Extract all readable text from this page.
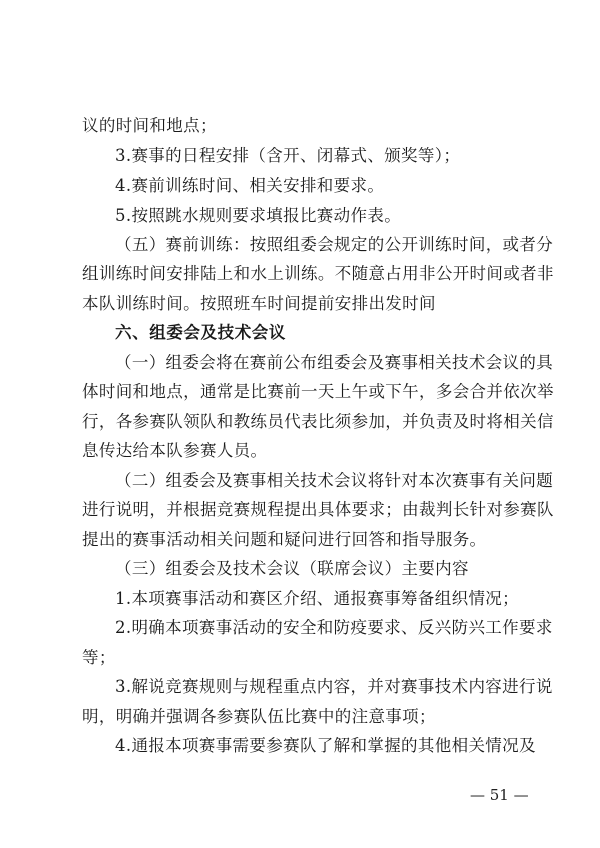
议的时间和地点；
3.赛事的日程安排（含开、闭幕式、颁奖等）；
4.赛前训练时间、相关安排和要求。
5.按照跳水规则要求填报比赛动作表。
（五）赛前训练：按照组委会规定的公开训练时间，或者分
组训练时间安排陆上和水上训练。不随意占用非公开时间或者非
本队训练时间。按照班车时间提前安排出发时间
六、组委会及技术会议
（一）组委会将在赛前公布组委会及赛事相关技术会议的具
体时间和地点，通常是比赛前一天上午或下午，多会合并依次举
行，各参赛队领队和教练员代表比须参加，并负责及时将相关信
息传达给本队参赛人员。
（二）组委会及赛事相关技术会议将针对本次赛事有关问题
进行说明，并根据竞赛规程提出具体要求；由裁判长针对参赛队
提出的赛事活动相关问题和疑问进行回答和指导服务。
（三）组委会及技术会议（联席会议）主要内容
1.本项赛事活动和赛区介绍、通报赛事筹备组织情况；
2.明确本项赛事活动的安全和防疫要求、反兴防兴工作要求
等；
3.解说竞赛规则与规程重点内容，并对赛事技术内容进行说
明，明确并强调各参赛队伍比赛中的注意事项；
4.通报本项赛事需要参赛队了解和掌握的其他相关情况及
— 51 —
